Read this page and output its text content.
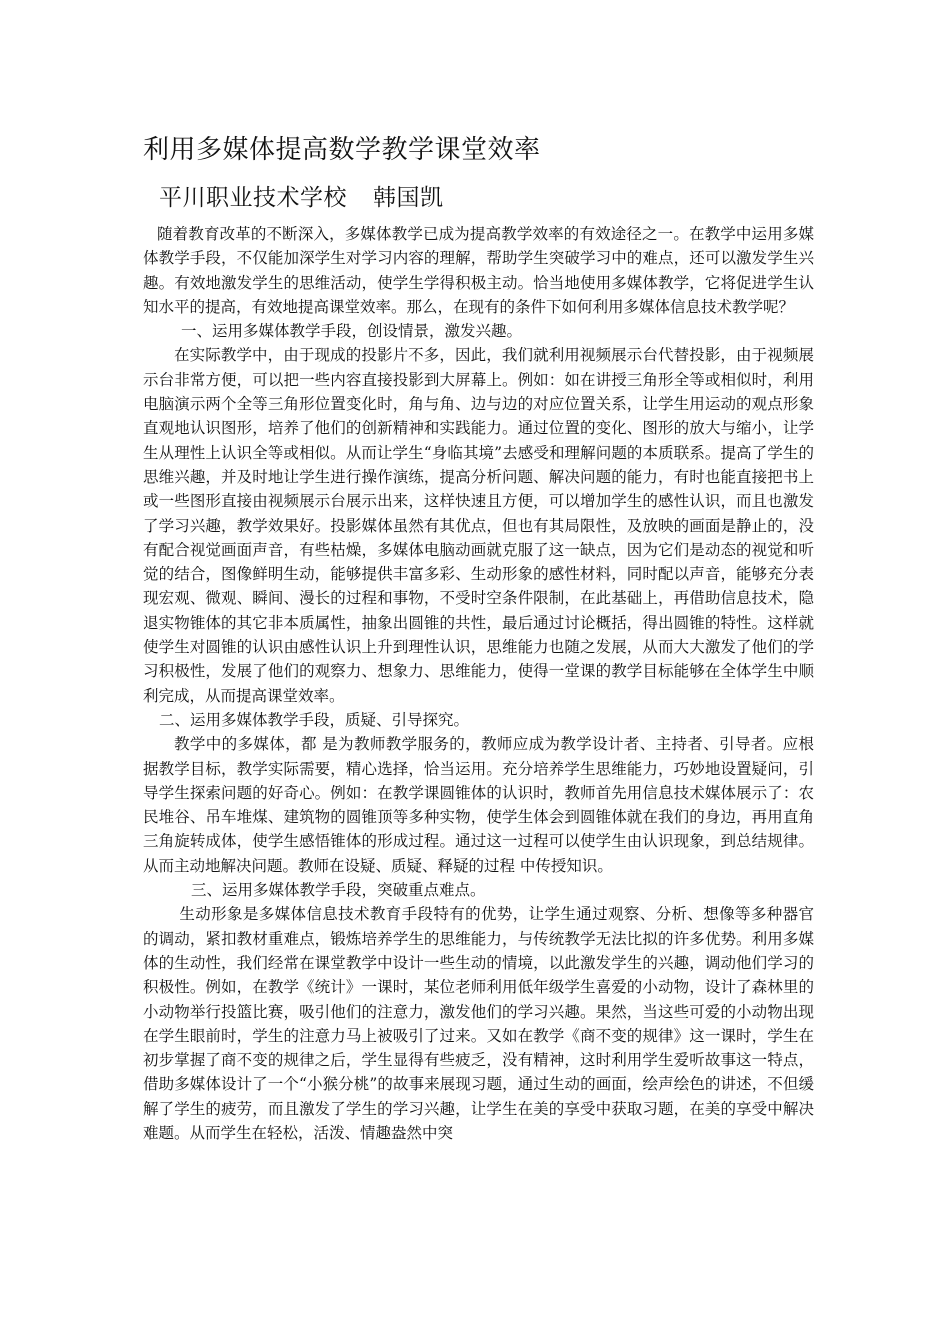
利用多媒体提高数学教学课堂效率
平川职业技术学校 韩国凯

随着教育改革的不断深入，多媒体教学已成为提高教学效率的有效途径之一。在教学中运用多媒体教学手段，不仅能加深学生对学习内容的理解，帮助学生突破学习中的难点，还可以激发学生兴趣。有效地激发学生的思维活动，使学生学得积极主动。恰当地使用多媒体教学，它将促进学生认知水平的提高，有效地提高课堂效率。那么，在现有的条件下如何利用多媒体信息技术教学呢？

一、运用多媒体教学手段，创设情景，激发兴趣。

在实际教学中，由于现成的投影片不多，因此，我们就利用视频展示台代替投影，由于视频展示台非常方便，可以把一些内容直接投影到大屏幕上。例如：如在讲授三角形全等或相似时，利用电脑演示两个全等三角形位置变化时，角与角、边与边的对应位置关系，让学生用运动的观点形象直观地认识图形，培养了他们的创新精神和实践能力。通过位置的变化、图形的放大与缩小，让学生从理性上认识全等或相似。从而让学生“身临其境”去感受和理解问题的本质联系。提高了学生的思维兴趣，并及时地让学生进行操作演练，提高分析问题、解决问题的能力，有时也能直接把书上或一些图形直接由视频展示台展示出来，这样快速且方便，可以增加学生的感性认识，而且也激发了学习兴趣，教学效果好。投影媒体虽然有其优点，但也有其局限性，及放映的画面是静止的，没有配合视觉画面声音，有些枯燥，多媒体电脑动画就克服了这一缺点，因为它们是动态的视觉和听觉的结合，图像鲜明生动，能够提供丰富多彩、生动形象的感性材料，同时配以声音，能够充分表现宏观、微观、瞬间、漫长的过程和事物，不受时空条件限制，在此基础上，再借助信息技术，隐退实物锥体的其它非本质属性，抽象出圆锥的共性，最后通过讨论概括，得出圆锥的特性。这样就使学生对圆锥的认识由感性认识上升到理性认识，思维能力也随之发展，从而大大激发了他们的学习积极性，发展了他们的观察力、想象力、思维能力，使得一堂课的教学目标能够在全体学生中顺利完成，从而提高课堂效率。

二、运用多媒体教学手段，质疑、引导探究。

教学中的多媒体，都 是为教师教学服务的，教师应成为教学设计者、主持者、引导者。应根据教学目标，教学实际需要，精心选择，恰当运用。充分培养学生思维能力，巧妙地设置疑问，引导学生探索问题的好奇心。例如：在教学课圆锥体的认识时，教师首先用信息技术媒体展示了：农民堆谷、吊车堆煤、建筑物的圆锥顶等多种实物，使学生体会到圆锥体就在我们的身边，再用直角三角旋转成体，使学生感悟锥体的形成过程。通过这一过程可以使学生由认识现象，到总结规律。从而主动地解决问题。教师在设疑、质疑、释疑的过程 中传授知识。

三、运用多媒体教学手段，突破重点难点。

生动形象是多媒体信息技术教育手段特有的优势，让学生通过观察、分析、想像等多种器官的调动，紧扣教材重难点，锻炼培养学生的思维能力，与传统教学无法比拟的许多优势。利用多媒体的生动性，我们经常在课堂教学中设计一些生动的情境，以此激发学生的兴趣，调动他们学习的积极性。例如，在教学《统计》一课时，某位老师利用低年级学生喜爱的小动物，设计了森林里的小动物举行投篮比赛，吸引他们的注意力，激发他们的学习兴趣。果然，当这些可爱的小动物出现在学生眼前时，学生的注意力马上被吸引了过来。又如在教学《商不变的规律》这一课时，学生在初步掌握了商不变的规律之后，学生显得有些疲乏，没有精神，这时利用学生爱听故事这一特点，借助多媒体设计了一个“小猴分桃”的故事来展现习题，通过生动的画面，绘声绘色的讲述，不但缓解了学生的疲劳，而且激发了学生的学习兴趣，让学生在美的享受中获取习题，在美的享受中解决难题。从而学生在轻松，活泼、情趣盎然中突
